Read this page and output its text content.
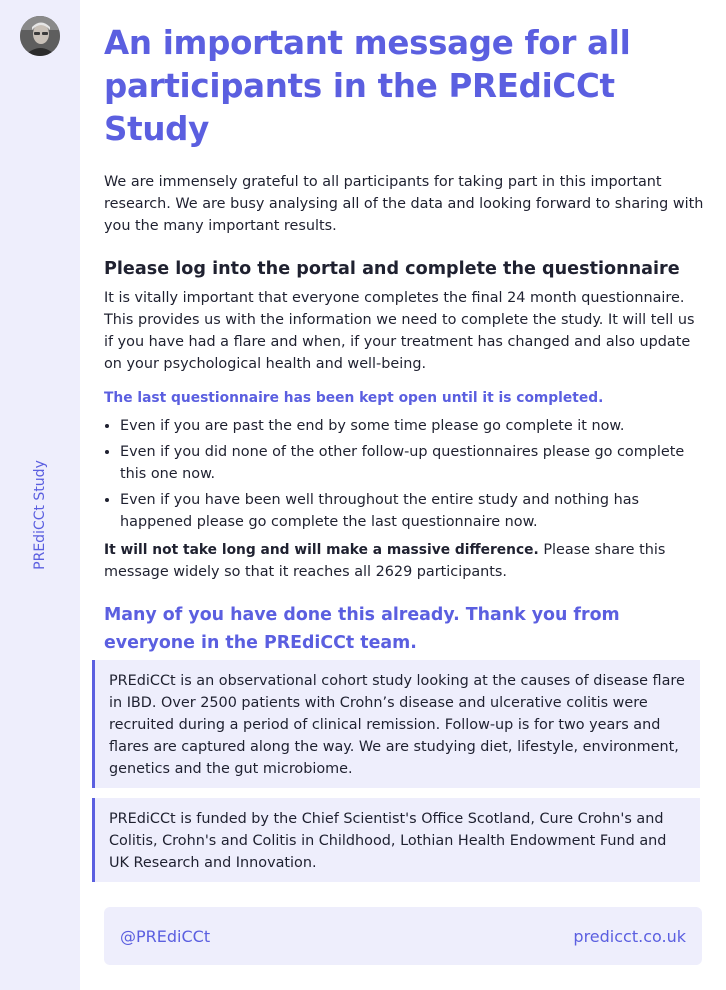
PREdiCCt Study
An important message for all participants in the PREdiCCt Study

We are immensely grateful to all participants for taking part in this important research. We are busy analysing all of the data and looking forward to sharing with you the many important results.

Please log into the portal and complete the questionnaire

It is vitally important that everyone completes the final 24 month questionnaire. This provides us with the information we need to complete the study. It will tell us if you have had a flare and when, if your treatment has changed and also update on your psychological health and well-being.

The last questionnaire has been kept open until it is completed.

• Even if you are past the end by some time please go complete it now.
• Even if you did none of the other follow-up questionnaires please go complete this one now.
• Even if you have been well throughout the entire study and nothing has happened please go complete the last questionnaire now.

It will not take long and will make a massive difference. Please share this message widely so that it reaches all 2629 participants.

Many of you have done this already. Thank you from everyone in the PREdiCCt team.

PREdiCCt is an observational cohort study looking at the causes of disease flare in IBD. Over 2500 patients with Crohn’s disease and ulcerative colitis were recruited during a period of clinical remission. Follow-up is for two years and flares are captured along the way. We are studying diet, lifestyle, environment, genetics and the gut microbiome.
PREdiCCt is funded by the Chief Scientist's Office Scotland, Cure Crohn's and Colitis, Crohn's and Colitis in Childhood, Lothian Health Endowment Fund and UK Research and Innovation.
@PREdiCCt	predicct.co.uk
